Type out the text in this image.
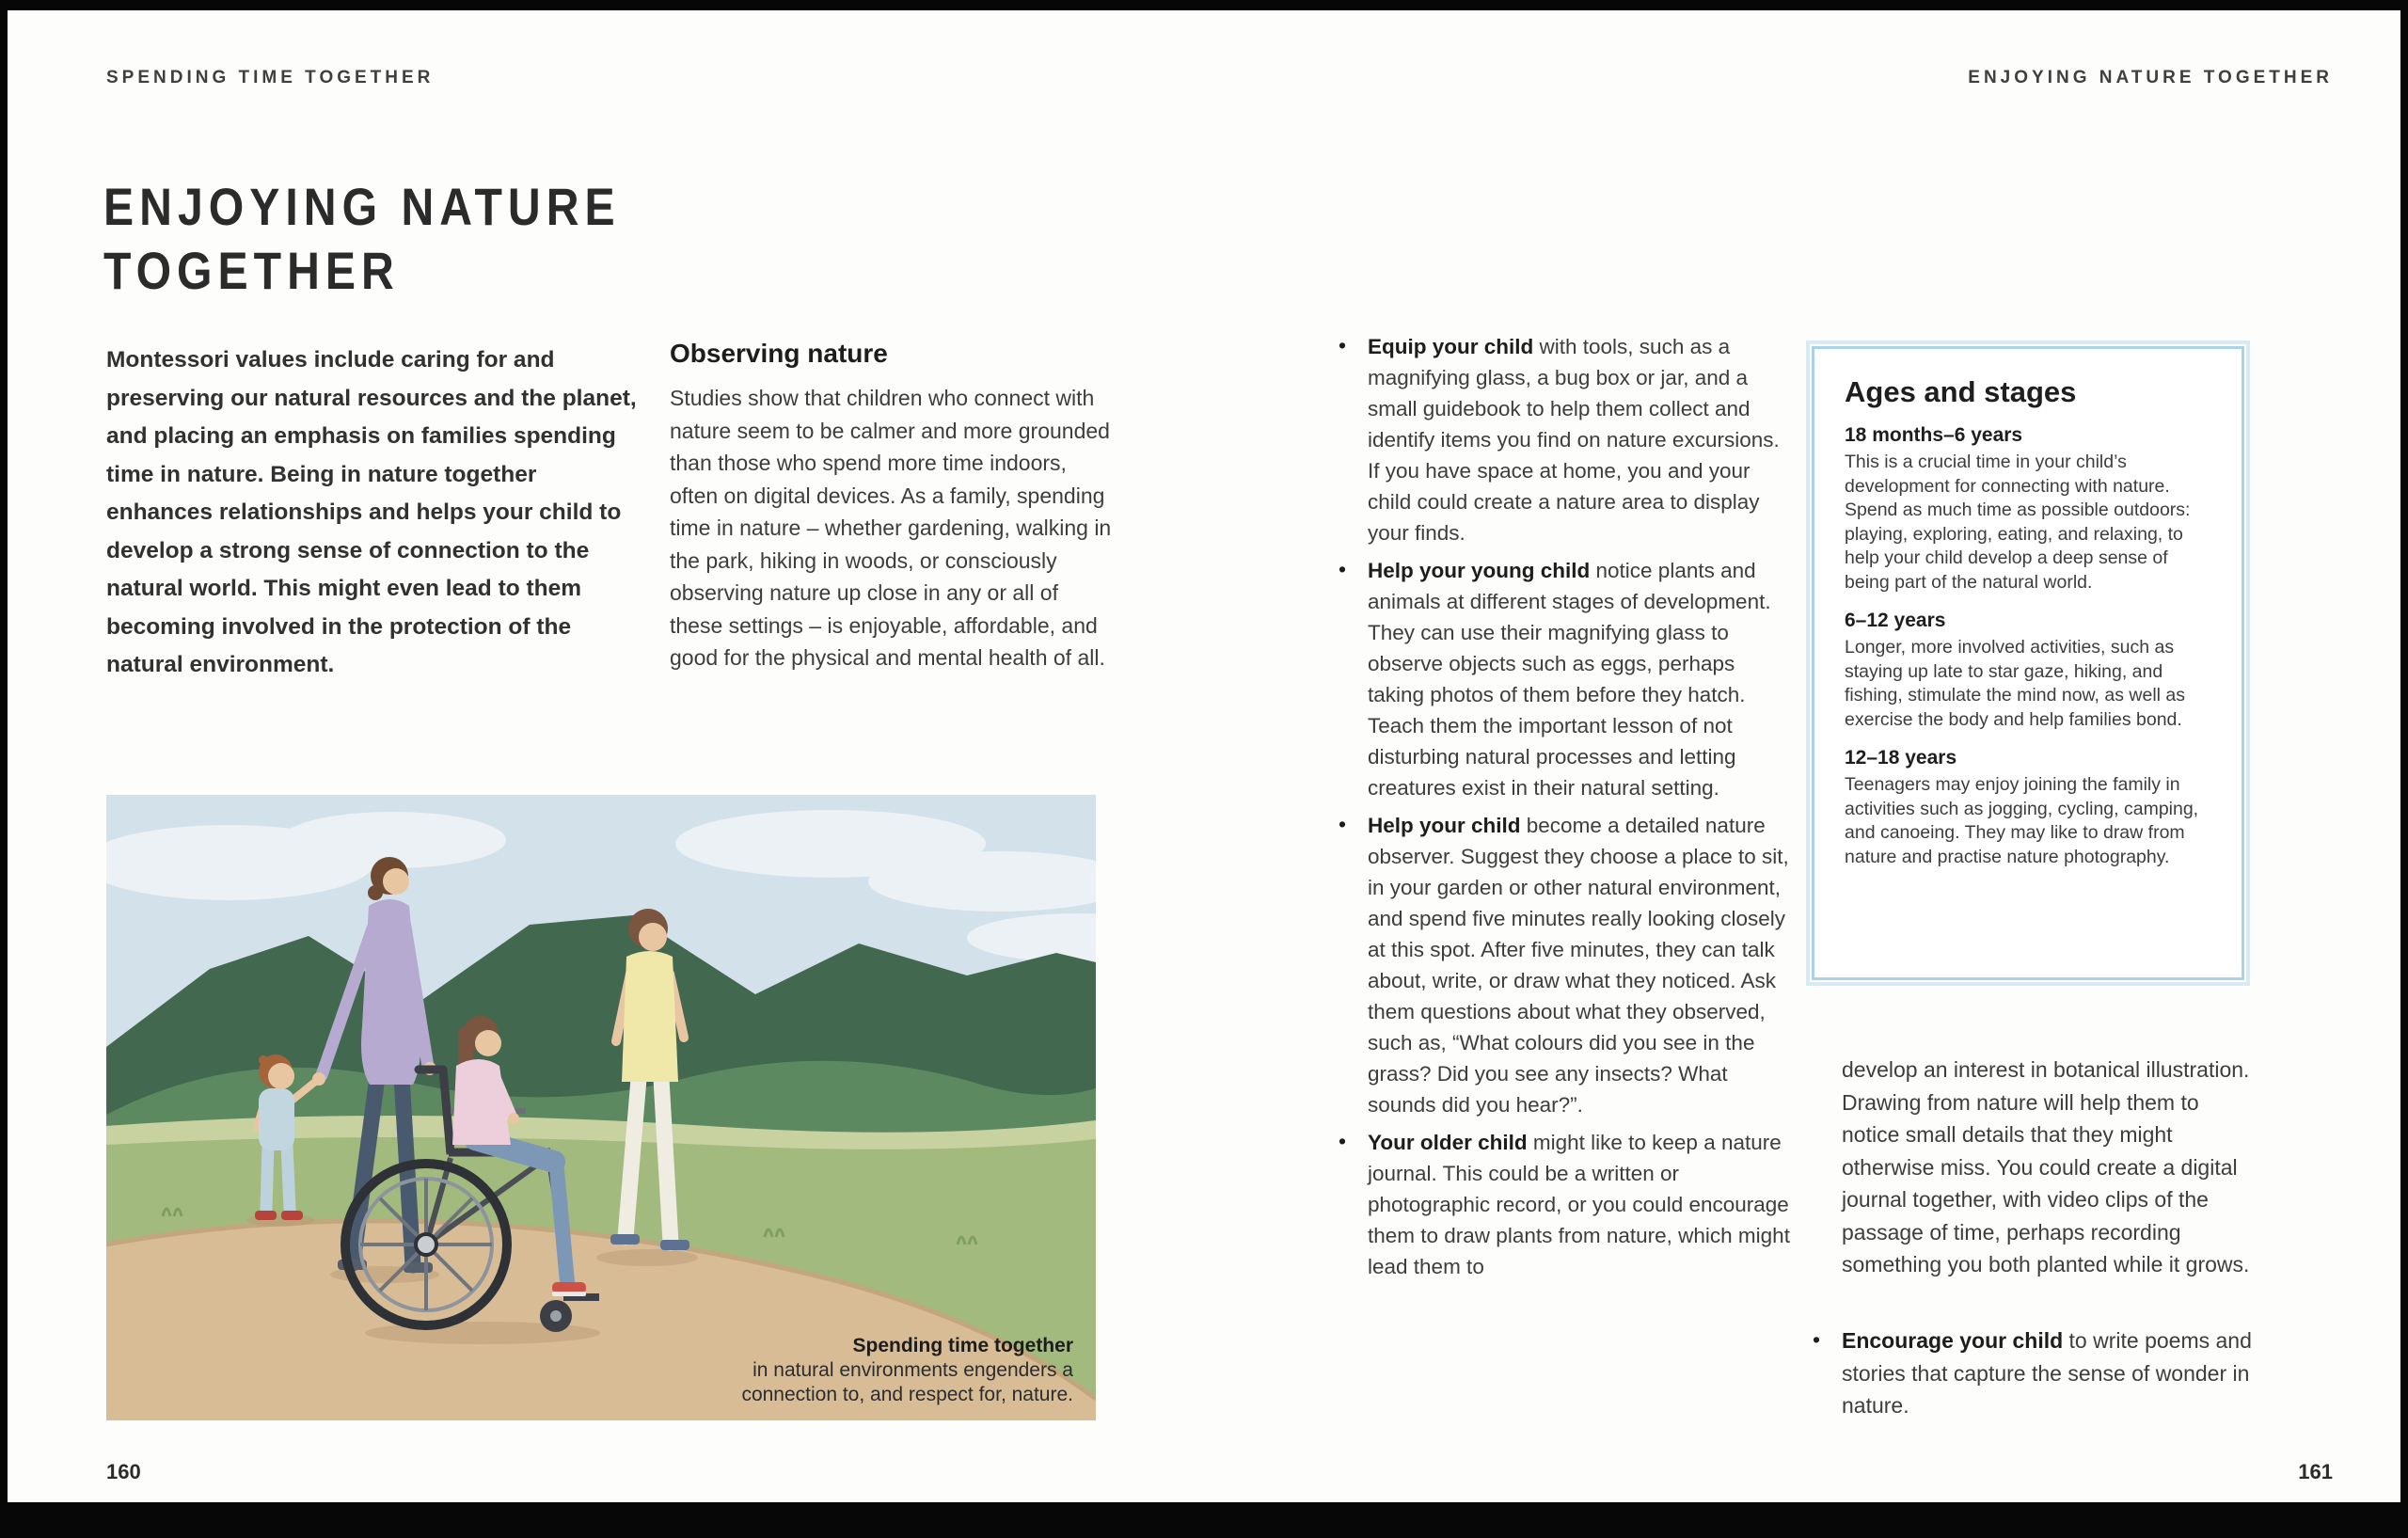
SPENDING TIME TOGETHER
ENJOYING NATURE
TOGETHER

Montessori values include caring for and preserving our natural resources and the planet, and placing an emphasis on families spending time in nature. Being in nature together enhances relationships and helps your child to develop a strong sense of connection to the natural world. This might even lead to them becoming involved in the protection of the natural environment.

Observing nature

Studies show that children who connect with nature seem to be calmer and more grounded than those who spend more time indoors, often on digital devices. As a family, spending time in nature – whether gardening, walking in the park, hiking in woods, or consciously observing nature up close in any or all of these settings – is enjoyable, affordable, and good for the physical and mental health of all.

Spending time together
in natural environments engenders a connection to, and respect for, nature.
160
ENJOYING NATURE TOGETHER
• Equip your child with tools, such as a magnifying glass, a bug box or jar, and a small guidebook to help them collect and identify items you find on nature excursions. If you have space at home, you and your child could create a nature area to display your finds.
• Help your young child notice plants and animals at different stages of development. They can use their magnifying glass to observe objects such as eggs, perhaps taking photos of them before they hatch. Teach them the important lesson of not disturbing natural processes and letting creatures exist in their natural setting.
• Help your child become a detailed nature observer. Suggest they choose a place to sit, in your garden or other natural environment, and spend five minutes really looking closely at this spot. After five minutes, they can talk about, write, or draw what they noticed. Ask them questions about what they observed, such as, “What colours did you see in the grass? Did you see any insects? What sounds did you hear?”.
• Your older child might like to keep a nature journal. This could be a written or photographic record, or you could encourage them to draw plants from nature, which might lead them to
Ages and stages
18 months–6 years

This is a crucial time in your child’s development for connecting with nature. Spend as much time as possible outdoors: playing, exploring, eating, and relaxing, to help your child develop a deep sense of being part of the natural world.

6–12 years

Longer, more involved activities, such as staying up late to star gaze, hiking, and fishing, stimulate the mind now, as well as exercise the body and help families bond.

12–18 years

Teenagers may enjoy joining the family in activities such as jogging, cycling, camping, and canoeing. They may like to draw from nature and practise nature photography.

develop an interest in botanical illustration. Drawing from nature will help them to notice small details that they might otherwise miss. You could create a digital journal together, with video clips of the passage of time, perhaps recording something you both planted while it grows.

• Encourage your child to write poems and stories that capture the sense of wonder in nature.
161
